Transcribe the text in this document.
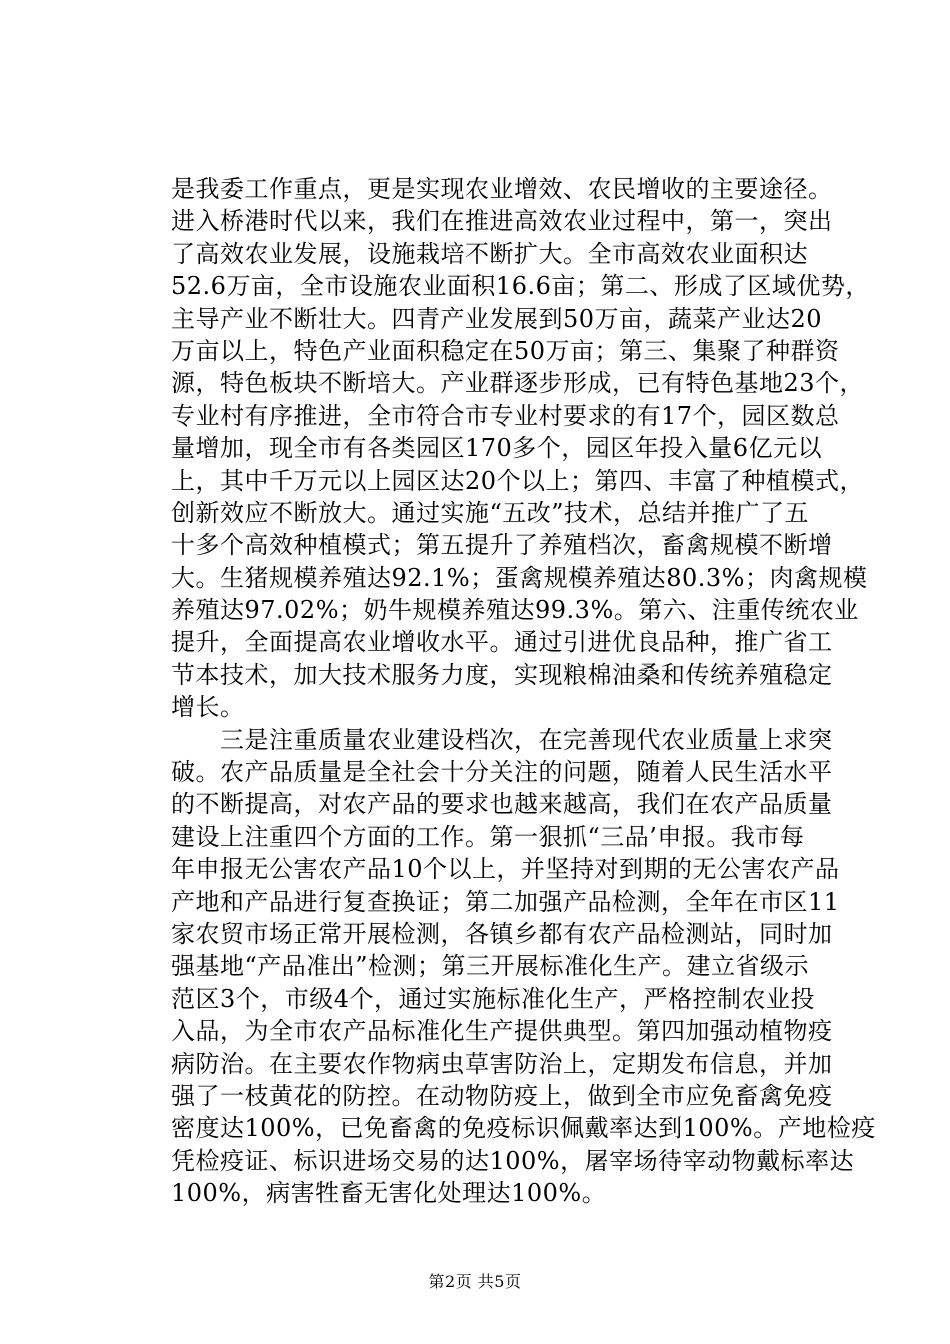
是我委工作重点，更是实现农业增效、农民增收的主要途径。
进入桥港时代以来，我们在推进高效农业过程中，第一，突出
了高效农业发展，设施栽培不断扩大。全市高效农业面积达
52.6万亩，全市设施农业面积16.6亩；第二、形成了区域优势，
主导产业不断壮大。四青产业发展到50万亩，蔬菜产业达20
万亩以上，特色产业面积稳定在50万亩；第三、集聚了种群资
源，特色板块不断培大。产业群逐步形成，已有特色基地23个，
专业村有序推进，全市符合市专业村要求的有17个，园区数总
量增加，现全市有各类园区170多个，园区年投入量6亿元以
上，其中千万元以上园区达20个以上；第四、丰富了种植模式，
创新效应不断放大。通过实施“五改”技术，总结并推广了五
十多个高效种植模式；第五提升了养殖档次，畜禽规模不断增
大。生猪规模养殖达92.1%；蛋禽规模养殖达80.3%；肉禽规模
养殖达97.02%；奶牛规模养殖达99.3%。第六、注重传统农业
提升，全面提高农业增收水平。通过引进优良品种，推广省工
节本技术，加大技术服务力度，实现粮棉油桑和传统养殖稳定
增长。
　　三是注重质量农业建设档次，在完善现代农业质量上求突
破。农产品质量是全社会十分关注的问题，随着人民生活水平
的不断提高，对农产品的要求也越来越高，我们在农产品质量
建设上注重四个方面的工作。第一狠抓“三品’申报。我市每
年申报无公害农产品10个以上，并坚持对到期的无公害农产品
产地和产品进行复查换证；第二加强产品检测，全年在市区11
家农贸市场正常开展检测，各镇乡都有农产品检测站，同时加
强基地“产品准出”检测；第三开展标准化生产。建立省级示
范区3个，市级4个，通过实施标准化生产，严格控制农业投
入品，为全市农产品标准化生产提供典型。第四加强动植物疫
病防治。在主要农作物病虫草害防治上，定期发布信息，并加
强了一枝黄花的防控。在动物防疫上，做到全市应免畜禽免疫
密度达100%，已免畜禽的免疫标识佩戴率达到100%。产地检疫
凭检疫证、标识进场交易的达100%，屠宰场待宰动物戴标率达
100%，病害牲畜无害化处理达100%。
第2页 共5页
